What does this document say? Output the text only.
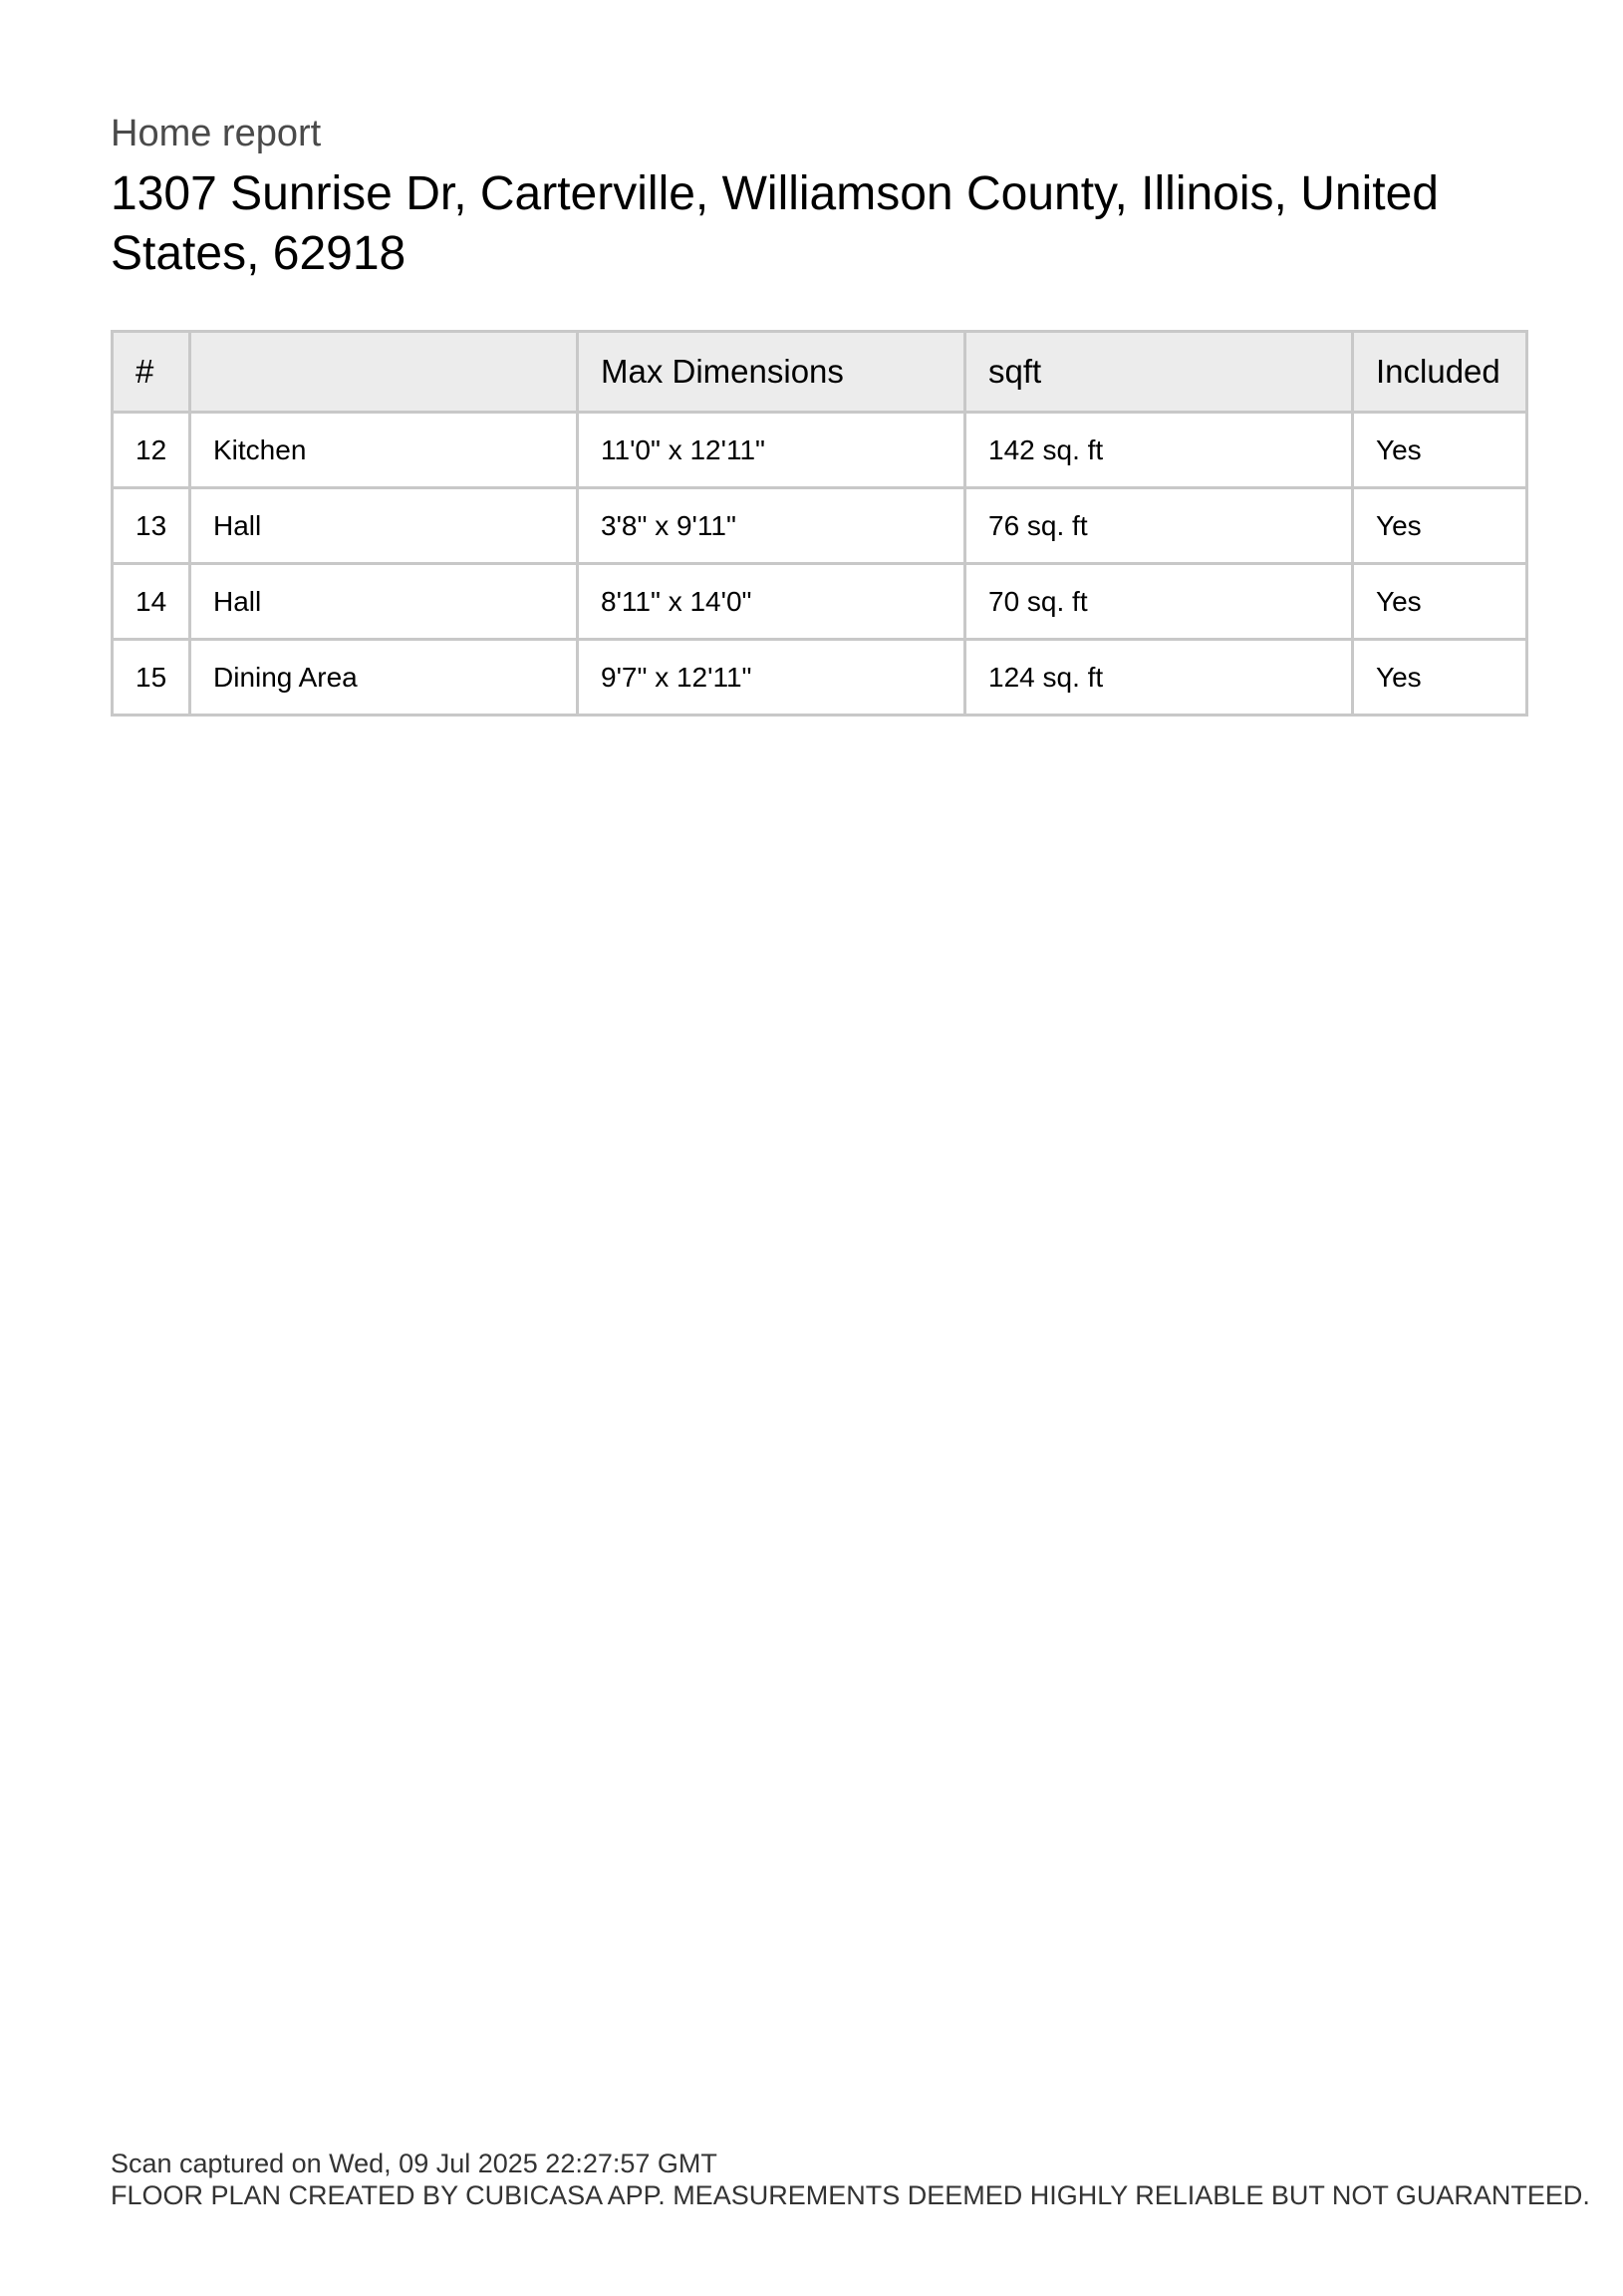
Home report
1307 Sunrise Dr, Carterville, Williamson County, Illinois, United States, 62918
#		Max Dimensions	sqft	Included
12	Kitchen	11'0" x 12'11"	142 sq. ft	Yes
13	Hall	3'8" x 9'11"	76 sq. ft	Yes
14	Hall	8'11" x 14'0"	70 sq. ft	Yes
15	Dining Area	9'7" x 12'11"	124 sq. ft	Yes
Scan captured on Wed, 09 Jul 2025 22:27:57 GMT
FLOOR PLAN CREATED BY CUBICASA APP. MEASUREMENTS DEEMED HIGHLY RELIABLE BUT NOT GUARANTEED.
